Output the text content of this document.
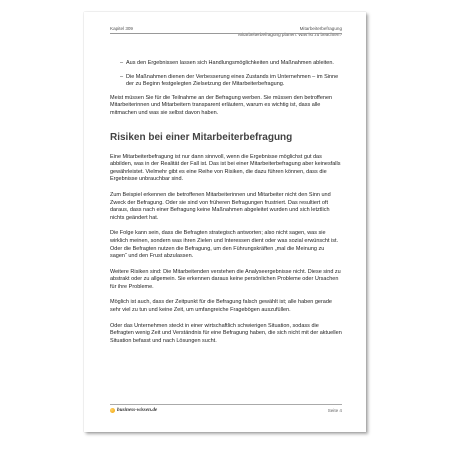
Kapitel 309	Mitarbeiterbefragung
Mitarbeiterbefragung planen: Was ist zu beachten?
– Aus den Ergebnissen lassen sich Handlungsmöglichkeiten und Maßnahmen ableiten.
– Die Maßnahmen dienen der Verbesserung eines Zustands im Unternehmen – im Sinne der zu Beginn festgelegten Zielsetzung der Mitarbeiterbefragung.

Meist müssen Sie für die Teilnahme an der Befragung werben. Sie müssen den betroffenen Mitarbeiterinnen und Mitarbeitern transparent erläutern, warum es wichtig ist, dass alle mitmachen und was sie selbst davon haben.

Risiken bei einer Mitarbeiterbefragung

Eine Mitarbeiterbefragung ist nur dann sinnvoll, wenn die Ergebnisse möglichst gut das abbilden, was in der Realität der Fall ist. Das ist bei einer Mitarbeiterbefragung aber keinesfalls gewährleistet. Vielmehr gibt es eine Reihe von Risiken, die dazu führen können, dass die Ergebnisse unbrauchbar sind.

Zum Beispiel erkennen die betroffenen Mitarbeiterinnen und Mitarbeiter nicht den Sinn und Zweck der Befragung. Oder sie sind von früheren Befragungen frustriert. Das resultiert oft daraus, dass nach einer Befragung keine Maßnahmen abgeleitet wurden und sich letztlich nichts geändert hat.

Die Folge kann sein, dass die Befragten strategisch antworten; also nicht sagen, was sie wirklich meinen, sondern was ihren Zielen und Interessen dient oder was sozial erwünscht ist. Oder die Befragten nutzen die Befragung, um den Führungskräften „mal die Meinung zu sagen“ und den Frust abzulassen.

Weitere Risiken sind: Die Mitarbeitenden verstehen die Analyseergebnisse nicht. Diese sind zu abstrakt oder zu allgemein. Sie erkennen daraus keine persönlichen Probleme oder Ursachen für ihre Probleme.

Möglich ist auch, dass der Zeitpunkt für die Befragung falsch gewählt ist; alle haben gerade sehr viel zu tun und keine Zeit, um umfangreiche Fragebögen auszufüllen.

Oder das Unternehmen steckt in einer wirtschaftlich schwierigen Situation, sodass die Befragten wenig Zeit und Verständnis für eine Befragung haben, die sich nicht mit der aktuellen Situation befasst und nach Lösungen sucht.

business-wissen.de	Seite 4
